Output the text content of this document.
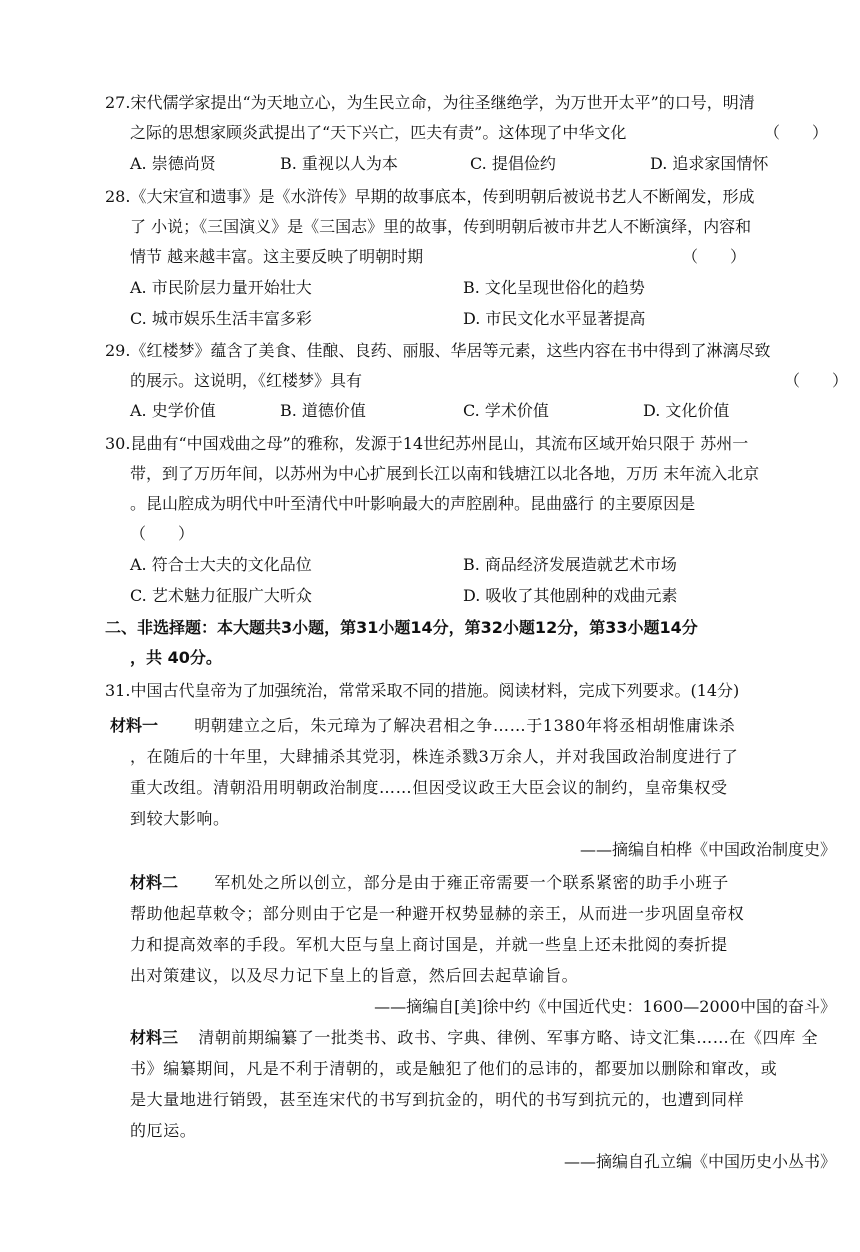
27.宋代儒学家提出“为天地立心，为生民立命，为往圣继绝学，为万世开太平”的口号，明清
之际的思想家顾炎武提出了“天下兴亡，匹夫有责”。这体现了中华文化	（　　）
A. 崇德尚贤	B. 重视以人为本	C. 提倡俭约	D. 追求家国情怀
28.《大宋宣和遗事》是《水浒传》早期的故事底本，传到明朝后被说书艺人不断阐发，形成
了 小说；《三国演义》是《三国志》里的故事，传到明朝后被市井艺人不断演绎，内容和
情节 越来越丰富。这主要反映了明朝时期	（　　）
A. 市民阶层力量开始壮大	B. 文化呈现世俗化的趋势
C. 城市娱乐生活丰富多彩	D. 市民文化水平显著提高
29.《红楼梦》蕴含了美食、佳酿、良药、丽服、华居等元素，这些内容在书中得到了淋漓尽致
的展示。这说明，《红楼梦》具有	（　　）
A. 史学价值	B. 道德价值	C. 学术价值	D. 文化价值
30.昆曲有“中国戏曲之母”的雅称，发源于14世纪苏州昆山，其流布区域开始只限于 苏州一
带，到了万历年间，以苏州为中心扩展到长江以南和钱塘江以北各地，万历 末年流入北京
。昆山腔成为明代中叶至清代中叶影响最大的声腔剧种。昆曲盛行 的主要原因是
（　　）
A. 符合士大夫的文化品位	B. 商品经济发展造就艺术市场
C. 艺术魅力征服广大听众	D. 吸收了其他剧种的戏曲元素
二、非选择题：本大题共3小题，第31小题14分，第32小题12分，第33小题14分
，共 40分。
31.中国古代皇帝为了加强统治，常常采取不同的措施。阅读材料，完成下列要求。(14分)
材料一 明朝建立之后，朱元璋为了解决君相之争……于1380年将丞相胡惟庸诛杀
，在随后的十年里，大肆捕杀其党羽，株连杀戮3万余人，并对我国政治制度进行了
重大改组。清朝沿用明朝政治制度……但因受议政王大臣会议的制约，皇帝集权受
到较大影响。
——摘编自柏桦《中国政治制度史》
材料二 军机处之所以创立，部分是由于雍正帝需要一个联系紧密的助手小班子
帮助他起草敕令；部分则由于它是一种避开权势显赫的亲王，从而进一步巩固皇帝权
力和提高效率的手段。军机大臣与皇上商讨国是，并就一些皇上还未批阅的奏折提
出对策建议，以及尽力记下皇上的旨意，然后回去起草谕旨。
——摘编自[美]徐中约《中国近代史：1600—2000中国的奋斗》
材料三 清朝前期编纂了一批类书、政书、字典、律例、军事方略、诗文汇集……在《四库 全
书》编纂期间，凡是不利于清朝的，或是触犯了他们的忌讳的，都要加以删除和窜改，或
是大量地进行销毁，甚至连宋代的书写到抗金的，明代的书写到抗元的，也遭到同样
的厄运。
——摘编自孔立编《中国历史小丛书》
